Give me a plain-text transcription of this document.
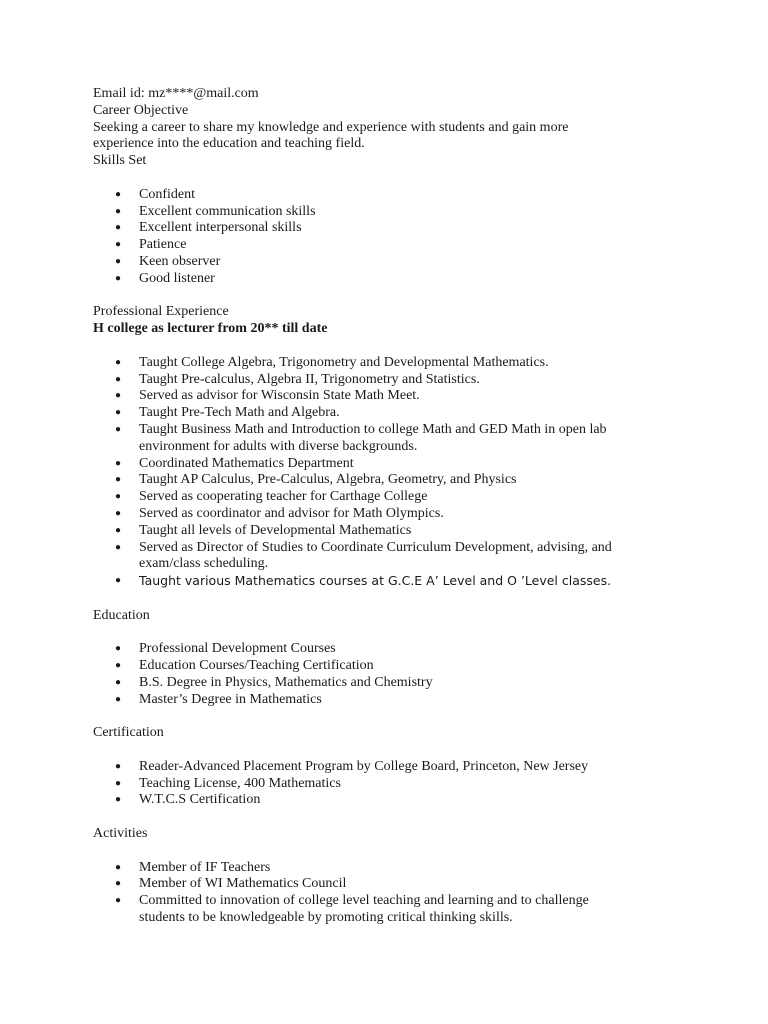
Email id: mz****@mail.com

Career Objective

Seeking a career to share my knowledge and experience with students and gain more

experience into the education and teaching field.

Skills Set

● Confident
● Excellent communication skills
● Excellent interpersonal skills
● Patience
● Keen observer
● Good listener

Professional Experience

H college as lecturer from 20** till date

● Taught College Algebra, Trigonometry and Developmental Mathematics.
● Taught Pre-calculus, Algebra II, Trigonometry and Statistics.
● Served as advisor for Wisconsin State Math Meet.
● Taught Pre-Tech Math and Algebra.
● Taught Business Math and Introduction to college Math and GED Math in open lab
environment for adults with diverse backgrounds.
● Coordinated Mathematics Department
● Taught AP Calculus, Pre-Calculus, Algebra, Geometry, and Physics
● Served as cooperating teacher for Carthage College
● Served as coordinator and advisor for Math Olympics.
● Taught all levels of Developmental Mathematics
● Served as Director of Studies to Coordinate Curriculum Development, advising, and
exam/class scheduling.
● Taught various Mathematics courses at G.C.E A’ Level and O ’Level classes.

Education

● Professional Development Courses
● Education Courses/Teaching Certification
● B.S. Degree in Physics, Mathematics and Chemistry
● Master’s Degree in Mathematics

Certification

● Reader-Advanced Placement Program by College Board, Princeton, New Jersey
● Teaching License, 400 Mathematics
● W.T.C.S Certification

Activities

● Member of IF Teachers
● Member of WI Mathematics Council
● Committed to innovation of college level teaching and learning and to challenge
students to be knowledgeable by promoting critical thinking skills.
